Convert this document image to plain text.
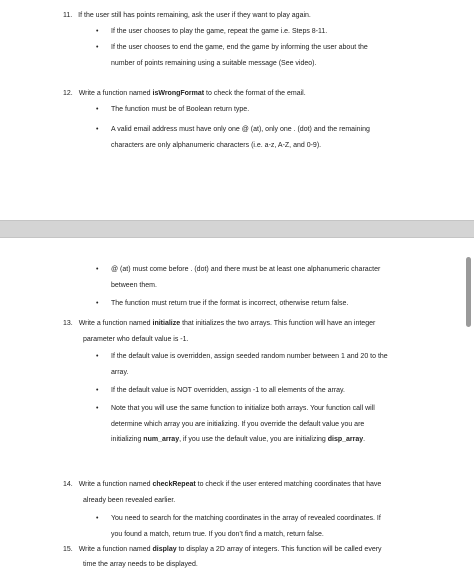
11. If the user still has points remaining, ask the user if they want to play again.
• If the user chooses to play the game, repeat the game i.e. Steps 8-11.
• If the user chooses to end the game, end the game by informing the user about the
number of points remaining using a suitable message (See video).
12. Write a function named isWrongFormat to check the format of the email.
• The function must be of Boolean return type.
• A valid email address must have only one @ (at), only one . (dot) and the remaining
characters are only alphanumeric characters (i.e. a-z, A-Z, and 0-9).
• @ (at) must come before . (dot) and there must be at least one alphanumeric character
between them.
• The function must return true if the format is incorrect, otherwise return false.
13. Write a function named initialize that initializes the two arrays. This function will have an integer
parameter who default value is -1.
• If the default value is overridden, assign seeded random number between 1 and 20 to the
array.
• If the default value is NOT overridden, assign -1 to all elements of the array.
• Note that you will use the same function to initialize both arrays. Your function call will
determine which array you are initializing. If you override the default value you are
initializing num_array, if you use the default value, you are initializing disp_array.
14. Write a function named checkRepeat to check if the user entered matching coordinates that have
already been revealed earlier.
• You need to search for the matching coordinates in the array of revealed coordinates. If
you found a match, return true. If you don’t find a match, return false.
15. Write a function named display to display a 2D array of integers. This function will be called every
time the array needs to be displayed.
